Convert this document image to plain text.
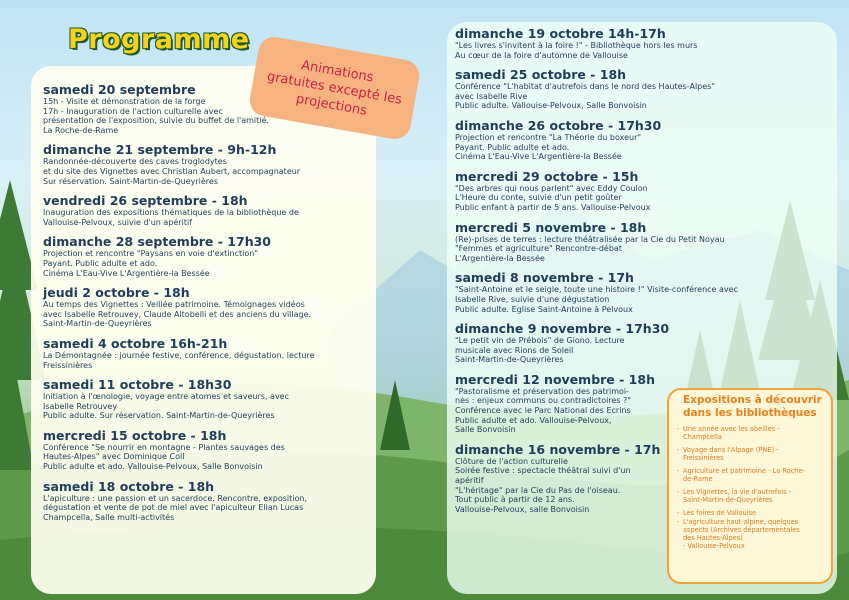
Programme
samedi 20 septembre

15h - Visite et démonstration de la forge
17h - Inauguration de l'action culturelle avec
présentation de l'exposition, suivie du buffet de l'amitié.
La Roche-de-Rame

dimanche 21 septembre - 9h-12h

Randonnée-découverte des caves troglodytes
et du site des Vignettes avec Christian Aubert, accompagnateur
Sur réservation. Saint-Martin-de-Queyrières

vendredi 26 septembre - 18h

Inauguration des expositions thématiques de la bibliothèque de
Vallouise-Pelvoux, suivie d'un apéritif

dimanche 28 septembre - 17h30

Projection et rencontre "Paysans en voie d'extinction"
Payant. Public adulte et ado.
Cinéma L'Eau-Vive L'Argentière-la Bessée

jeudi 2 octobre - 18h

Au temps des Vignettes : Veillée patrimoine. Témoignages vidéos
avec Isabelle Retrouvey, Claude Altobelli et des anciens du village.
Saint-Martin-de-Queyrières

samedi 4 octobre 16h-21h

La Démontagnée : journée festive, conférence, dégustation, lecture
Freissinières

samedi 11 octobre - 18h30

Initiation à l'œnologie, voyage entre atomes et saveurs, avec
Isabelle Retrouvey
Public adulte. Sur réservation. Saint-Martin-de-Queyrières

mercredi 15 octobre - 18h

Conférence "Se nourrir en montagne - Plantes sauvages des
Hautes-Alpes" avec Dominique Coll
Public adulte et ado. Vallouise-Pelvoux, Salle Bonvoisin

samedi 18 octobre - 18h

L'apiculture : une passion et un sacerdoce. Rencontre, exposition,
dégustation et vente de pot de miel avec l'apiculteur Elian Lucas
Champcella, Salle multi-activités

dimanche 19 octobre 14h-17h

"Les livres s'invitent à la foire !" - Bibliothèque hors les murs
Au cœur de la foire d'automne de Vallouise

samedi 25 octobre - 18h

Conférence "L'habitat d'autrefois dans le nord des Hautes-Alpes"
avec Isabelle Rive
Public adulte. Vallouise-Pelvoux, Salle Bonvoisin

dimanche 26 octobre - 17h30

Projection et rencontre "La Théorie du boxeur"
Payant. Public adulte et ado.
Cinéma L'Eau-Vive L'Argentière-la Bessée

mercredi 29 octobre - 15h

"Des arbres qui nous parlent" avec Eddy Coulon
L'Heure du conte, suivie d'un petit goûter
Public enfant à partir de 5 ans. Vallouise-Pelvoux

mercredi 5 novembre - 18h

(Re)-prises de terres : lecture théâtralisée par la Cie du Petit Noyau
"Femmes et agriculture" Rencontre-débat
L'Argentière-la Bessée

samedi 8 novembre - 17h

"Saint-Antoine et le seigle, toute une histoire !" Visite-conférence avec
Isabelle Rive, suivie d'une dégustation
Public adulte. Eglise Saint-Antoine à Pelvoux

dimanche 9 novembre - 17h30

"Le petit vin de Prébois" de Giono. Lecture
musicale avec Rions de Soleil
Saint-Martin-de-Queyrières

mercredi 12 novembre - 18h

"Pastoralisme et préservation des patrimoi-
nes : enjeux communs ou contradictoires ?"
Conférence avec le Parc National des Ecrins
Public adulte et ado. Vallouise-Pelvoux,
Salle Bonvoisin

dimanche 16 novembre - 17h

Clôture de l'action culturelle
Soirée festive : spectacle théâtral suivi d'un
apéritif
"L'héritage" par la Cie du Pas de l'oiseau.
Tout public à partir de 12 ans.
Vallouise-Pelvoux, salle Bonvoisin

Animations
gratuites excepté les
projections
Expositions à découvrir
dans les bibliothèques
- Une année avec les abeilles -
Champcella
- Voyage dans l'Alpage (PNE) -
Freissinières
- Agriculture et patrimoine - La Roche-
de-Rame
- Les Vignettes, la vie d'autrefois -
Saint-Martin-de-Queyrières
- Les foires de Vallouise
- L'agriculture haut-alpine, quelques
aspects (Archives départementales
des Hautes-Alpes)
- Vallouise-Pelvoux
